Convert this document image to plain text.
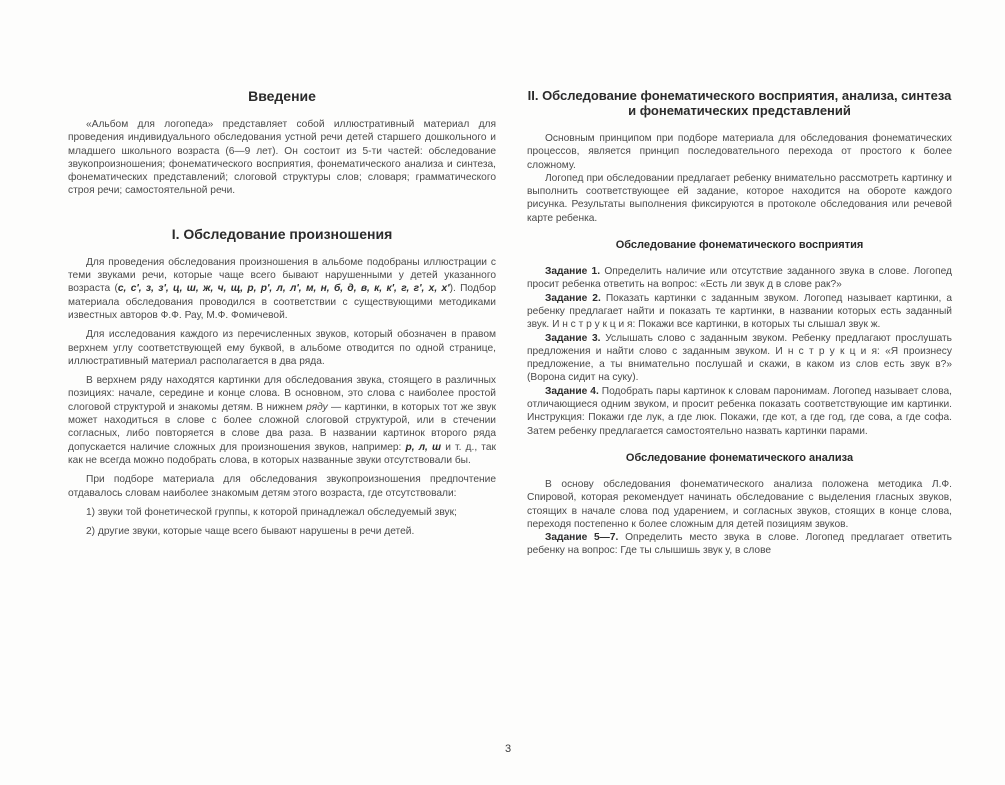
Введение

«Альбом для логопеда» представляет собой иллюстративный материал для проведения индивидуального обследования устной речи детей старшего дошкольного и младшего школьного возраста (6—9 лет). Он состоит из 5-ти частей: обследование звукопроизношения; фонематического восприятия, фонематического анализа и синтеза, фонематических представлений; слоговой структуры слов; словаря; грамматического строя речи; самостоятельной речи.

I. Обследование произношения

Для проведения обследования произношения в альбоме подобраны иллюстрации с теми звуками речи, которые чаще всего бывают нарушенными у детей указанного возраста (с, с', з, з', ц, ш, ж, ч, щ, р, р', л, л', м, н, б, д, в, к, к', г, г', х, х'). Подбор материала обследования проводился в соответствии с существующими методиками известных авторов Ф.Ф. Рау, М.Ф. Фомичевой.

Для исследования каждого из перечисленных звуков, который обозначен в правом верхнем углу соответствующей ему буквой, в альбоме отводится по одной странице, иллюстративный материал располагается в два ряда.

В верхнем ряду находятся картинки для обследования звука, стоящего в различных позициях: начале, середине и конце слова. В основном, это слова с наиболее простой слоговой структурой и знакомы детям. В нижнем ряду — картинки, в которых тот же звук может находиться в слове с более сложной слоговой структурой, или в стечении согласных, либо повторяется в слове два раза. В названии картинок второго ряда допускается наличие сложных для произношения звуков, например: р, л, ш и т. д., так как не всегда можно подобрать слова, в которых названные звуки отсутствовали бы.

При подборе материала для обследования звукопроизношения предпочтение отдавалось словам наиболее знакомым детям этого возраста, где отсутствовали:

1) звуки той фонетической группы, к которой принадлежал обследуемый звук;

2) другие звуки, которые чаще всего бывают нарушены в речи детей.

II. Обследование фонематического восприятия, анализа, синтеза и фонематических представлений

Основным принципом при подборе материала для обследования фонематических процессов, является принцип последовательного перехода от простого к более сложному.

Логопед при обследовании предлагает ребенку внимательно рассмотреть картинку и выполнить соответствующее ей задание, которое находится на обороте каждого рисунка. Результаты выполнения фиксируются в протоколе обследования или речевой карте ребенка.

Обследование фонематического восприятия

Задание 1. Определить наличие или отсутствие заданного звука в слове. Логопед просит ребенка ответить на вопрос: «Есть ли звук д в слове рак?»

Задание 2. Показать картинки с заданным звуком. Логопед называет картинки, а ребенку предлагает найти и показать те картинки, в названии которых есть заданный звук. И н с т р у к ц и я: Покажи все картинки, в которых ты слышал звук ж.

Задание 3. Услышать слово с заданным звуком. Ребенку предлагают прослушать предложения и найти слово с заданным звуком. И н с т р у к ц и я: «Я произнесу предложение, а ты внимательно послушай и скажи, в каком из слов есть звук в?» (Ворона сидит на суку).

Задание 4. Подобрать пары картинок к словам паронимам. Логопед называет слова, отличающиеся одним звуком, и просит ребенка показать соответствующие им картинки. Инструкция: Покажи где лук, а где люк. Покажи, где кот, а где год, где сова, а где софа. Затем ребенку предлагается самостоятельно назвать картинки парами.

Обследование фонематического анализа

В основу обследования фонематического анализа положена методика Л.Ф. Спировой, которая рекомендует начинать обследование с выделения гласных звуков, стоящих в начале слова под ударением, и согласных звуков, стоящих в конце слова, переходя постепенно к более сложным для детей позициям звуков.

Задание 5—7. Определить место звука в слове. Логопед предлагает ответить ребенку на вопрос: Где ты слышишь звук у, в слове

3
